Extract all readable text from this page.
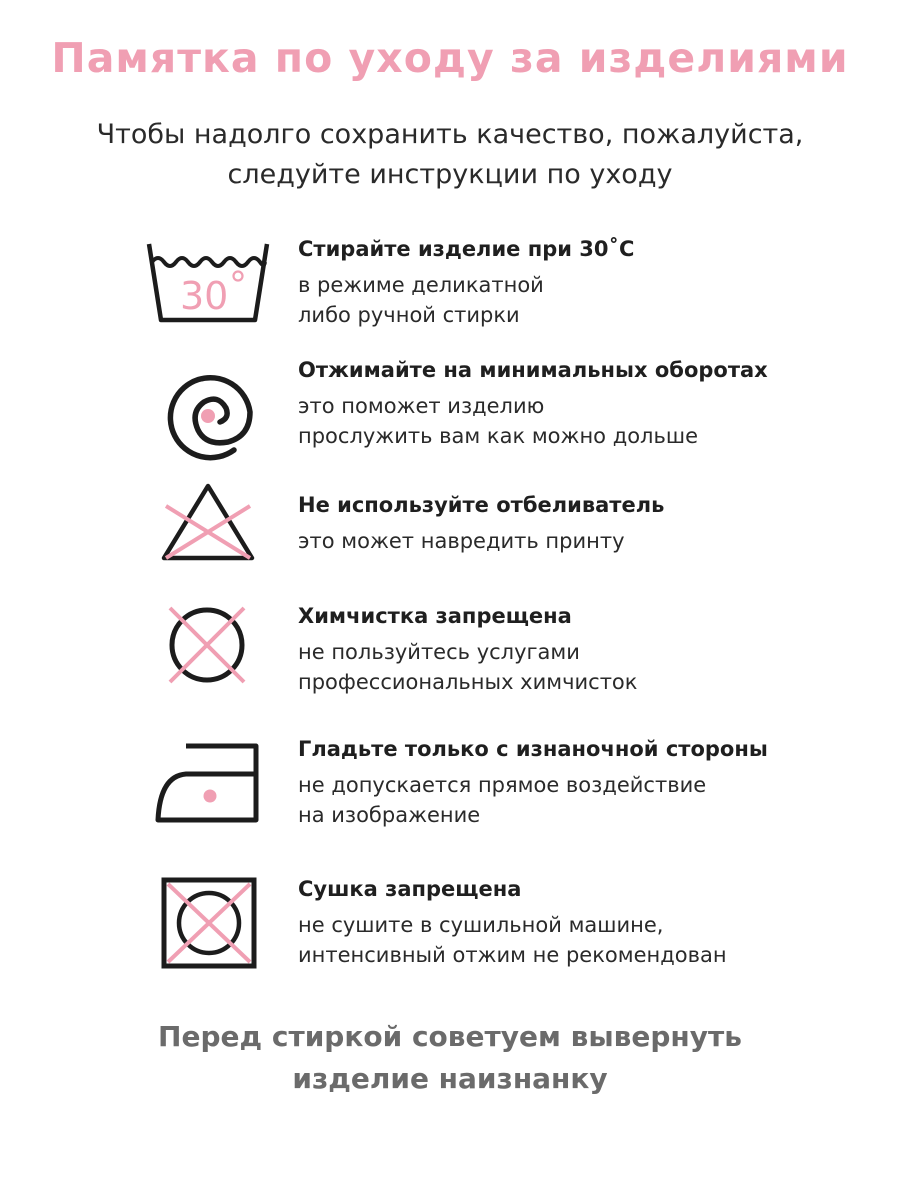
Памятка по уходу за изделиями
Чтобы надолго сохранить качество, пожалуйста,
следуйте инструкции по уходу
30
Стирайте изделие при 30˚С
в режиме деликатной
либо ручной стирки
Отжимайте на минимальных оборотах
это поможет изделию
прослужить вам как можно дольше
Не используйте отбеливатель
это может навредить принту
Химчистка запрещена
не пользуйтесь услугами
профессиональных химчисток
Гладьте только с изнаночной стороны
не допускается прямое воздействие
на изображение
Сушка запрещена
не сушите в сушильной машине,
интенсивный отжим не рекомендован
Перед стиркой советуем вывернуть
изделие наизнанку
